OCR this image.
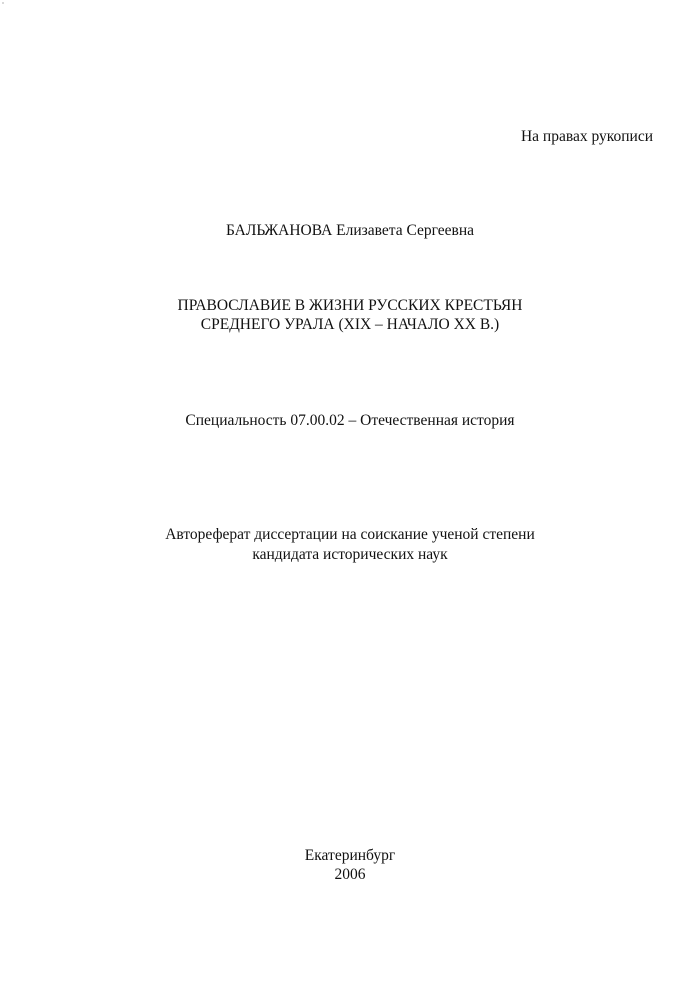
На правах рукописи
БАЛЬЖАНОВА Елизавета Сергеевна
ПРАВОСЛАВИЕ В ЖИЗНИ РУССКИХ КРЕСТЬЯН
СРЕДНЕГО УРАЛА (XIX – НАЧАЛО XX В.)
Специальность 07.00.02 – Отечественная история
Автореферат диссертации на соискание ученой степени
кандидата исторических наук
Екатеринбург
2006
